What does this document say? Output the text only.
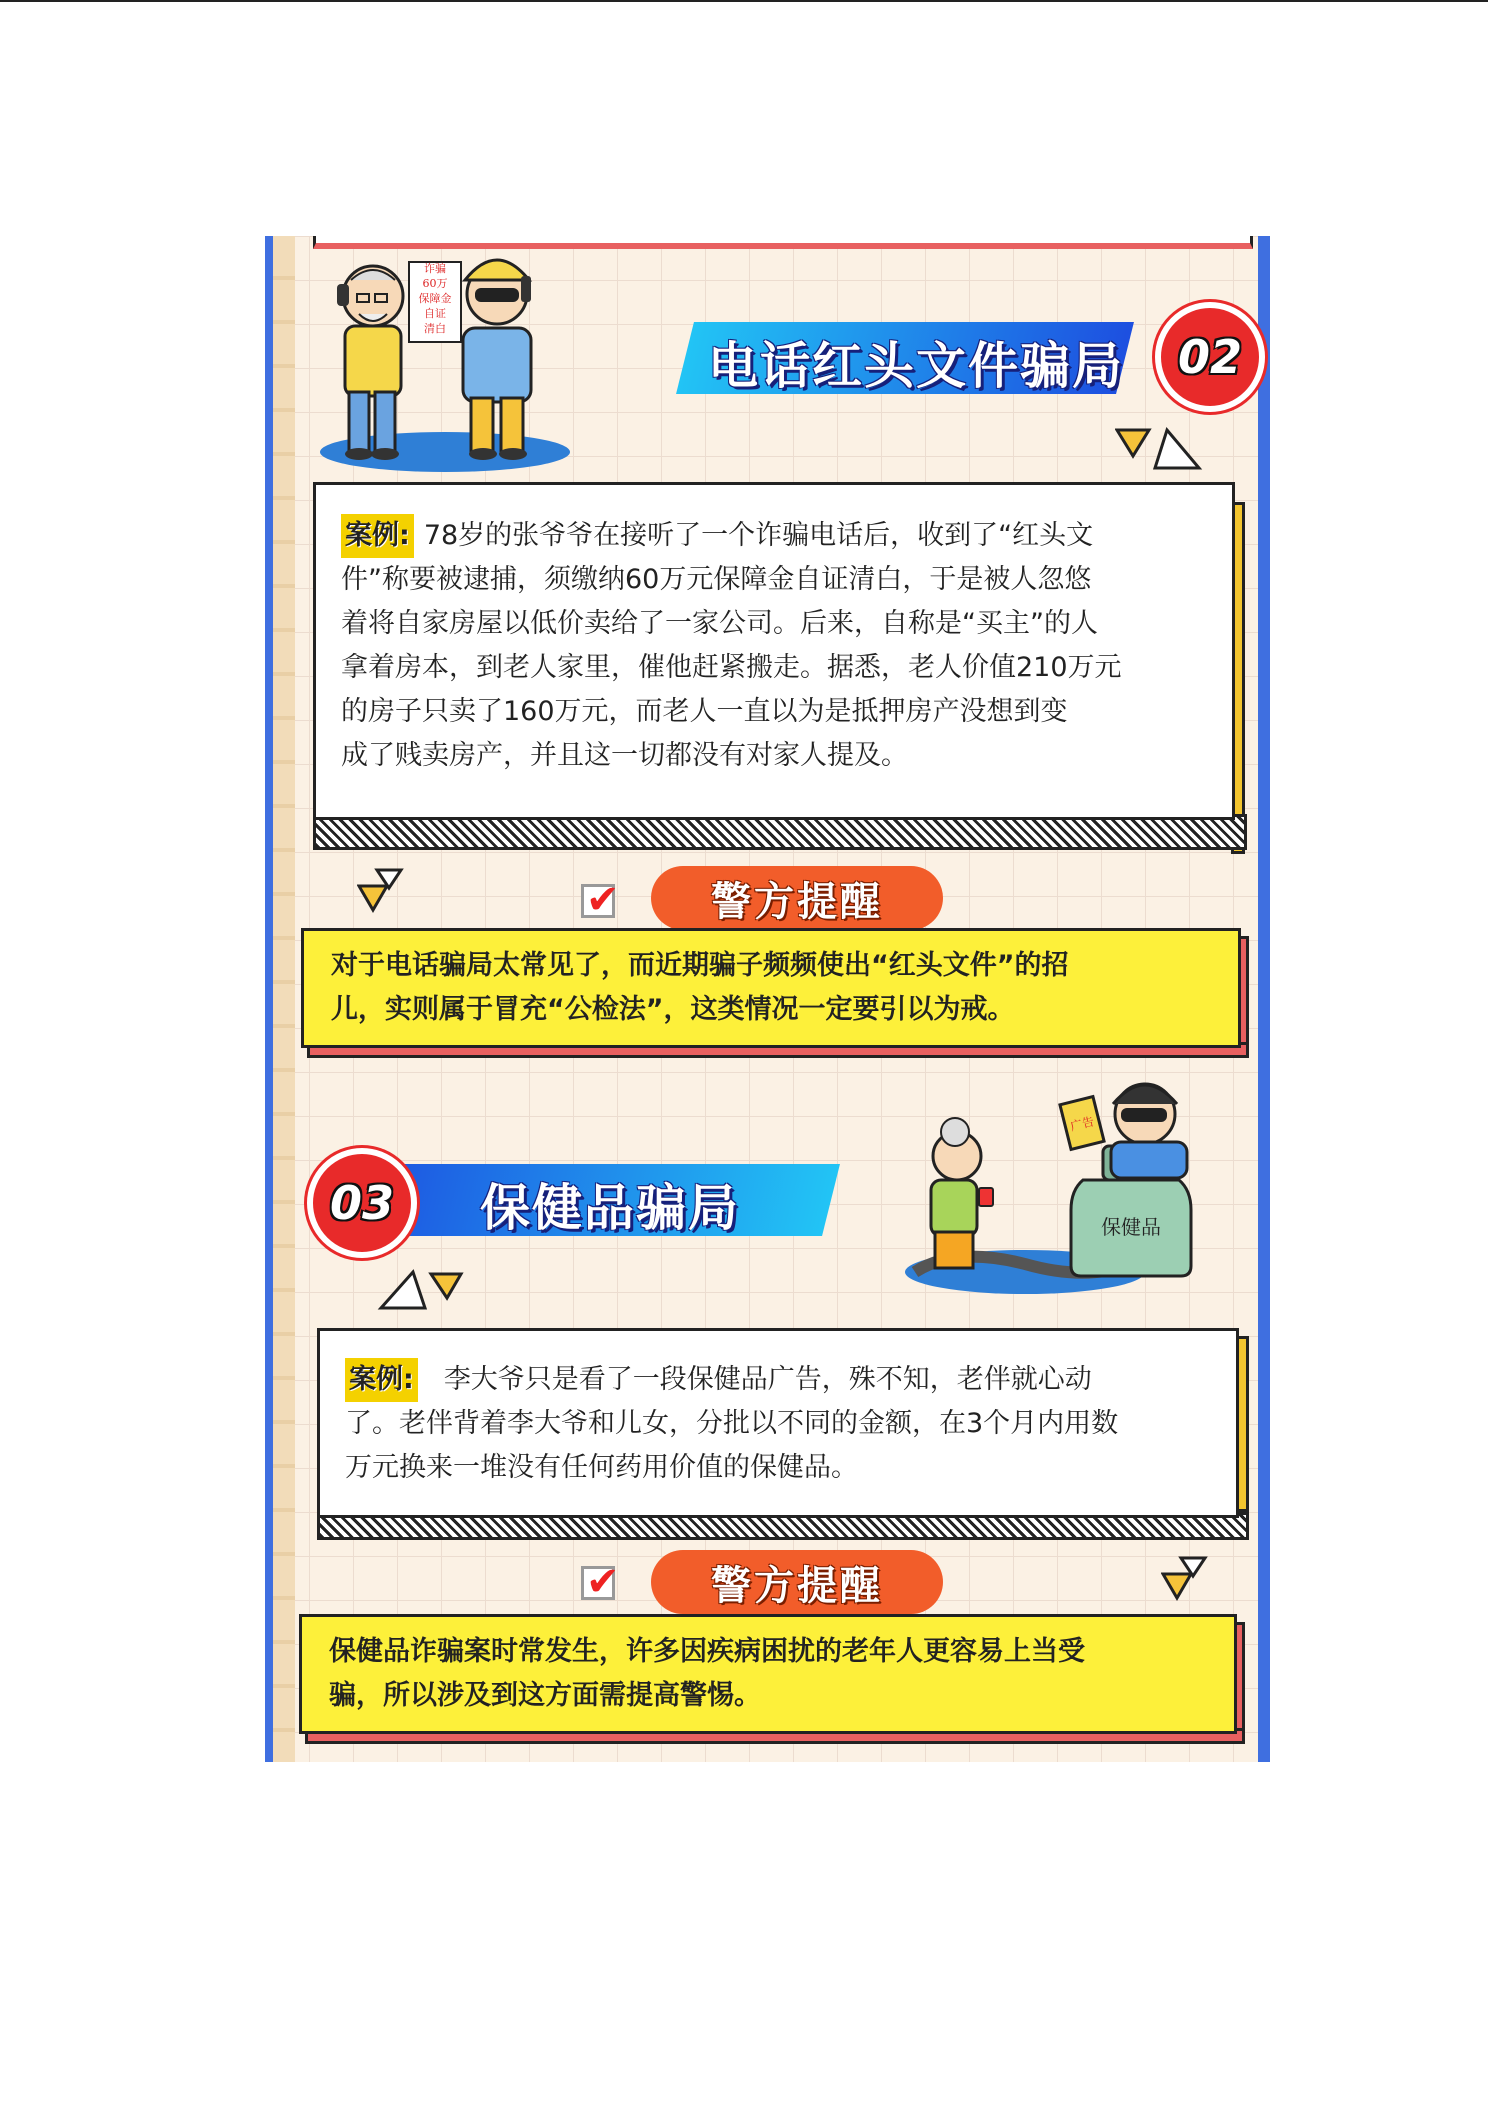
诈骗
60万
保障金
自证
清白
电话红头文件骗局	02
案例: 78岁的张爷爷在接听了一个诈骗电话后，收到了“红头文
件”称要被逮捕，须缴纳60万元保障金自证清白，于是被人忽悠
着将自家房屋以低价卖给了一家公司。后来，自称是“买主”的人
拿着房本，到老人家里，催他赶紧搬走。据悉，老人价值210万元
的房子只卖了160万元，而老人一直以为是抵押房产没想到变
成了贱卖房产，并且这一切都没有对家人提及。
✔	警方提醒
对于电话骗局太常见了，而近期骗子频频使出“红头文件”的招
儿，实则属于冒充“公检法”，这类情况一定要引以为戒。
保健品骗局
03	保健品
广告
案例: 李大爷只是看了一段保健品广告，殊不知，老伴就心动
了。老伴背着李大爷和儿女，分批以不同的金额，在3个月内用数
万元换来一堆没有任何药用价值的保健品。
✔	警方提醒
保健品诈骗案时常发生，许多因疾病困扰的老年人更容易上当受
骗，所以涉及到这方面需提高警惕。
